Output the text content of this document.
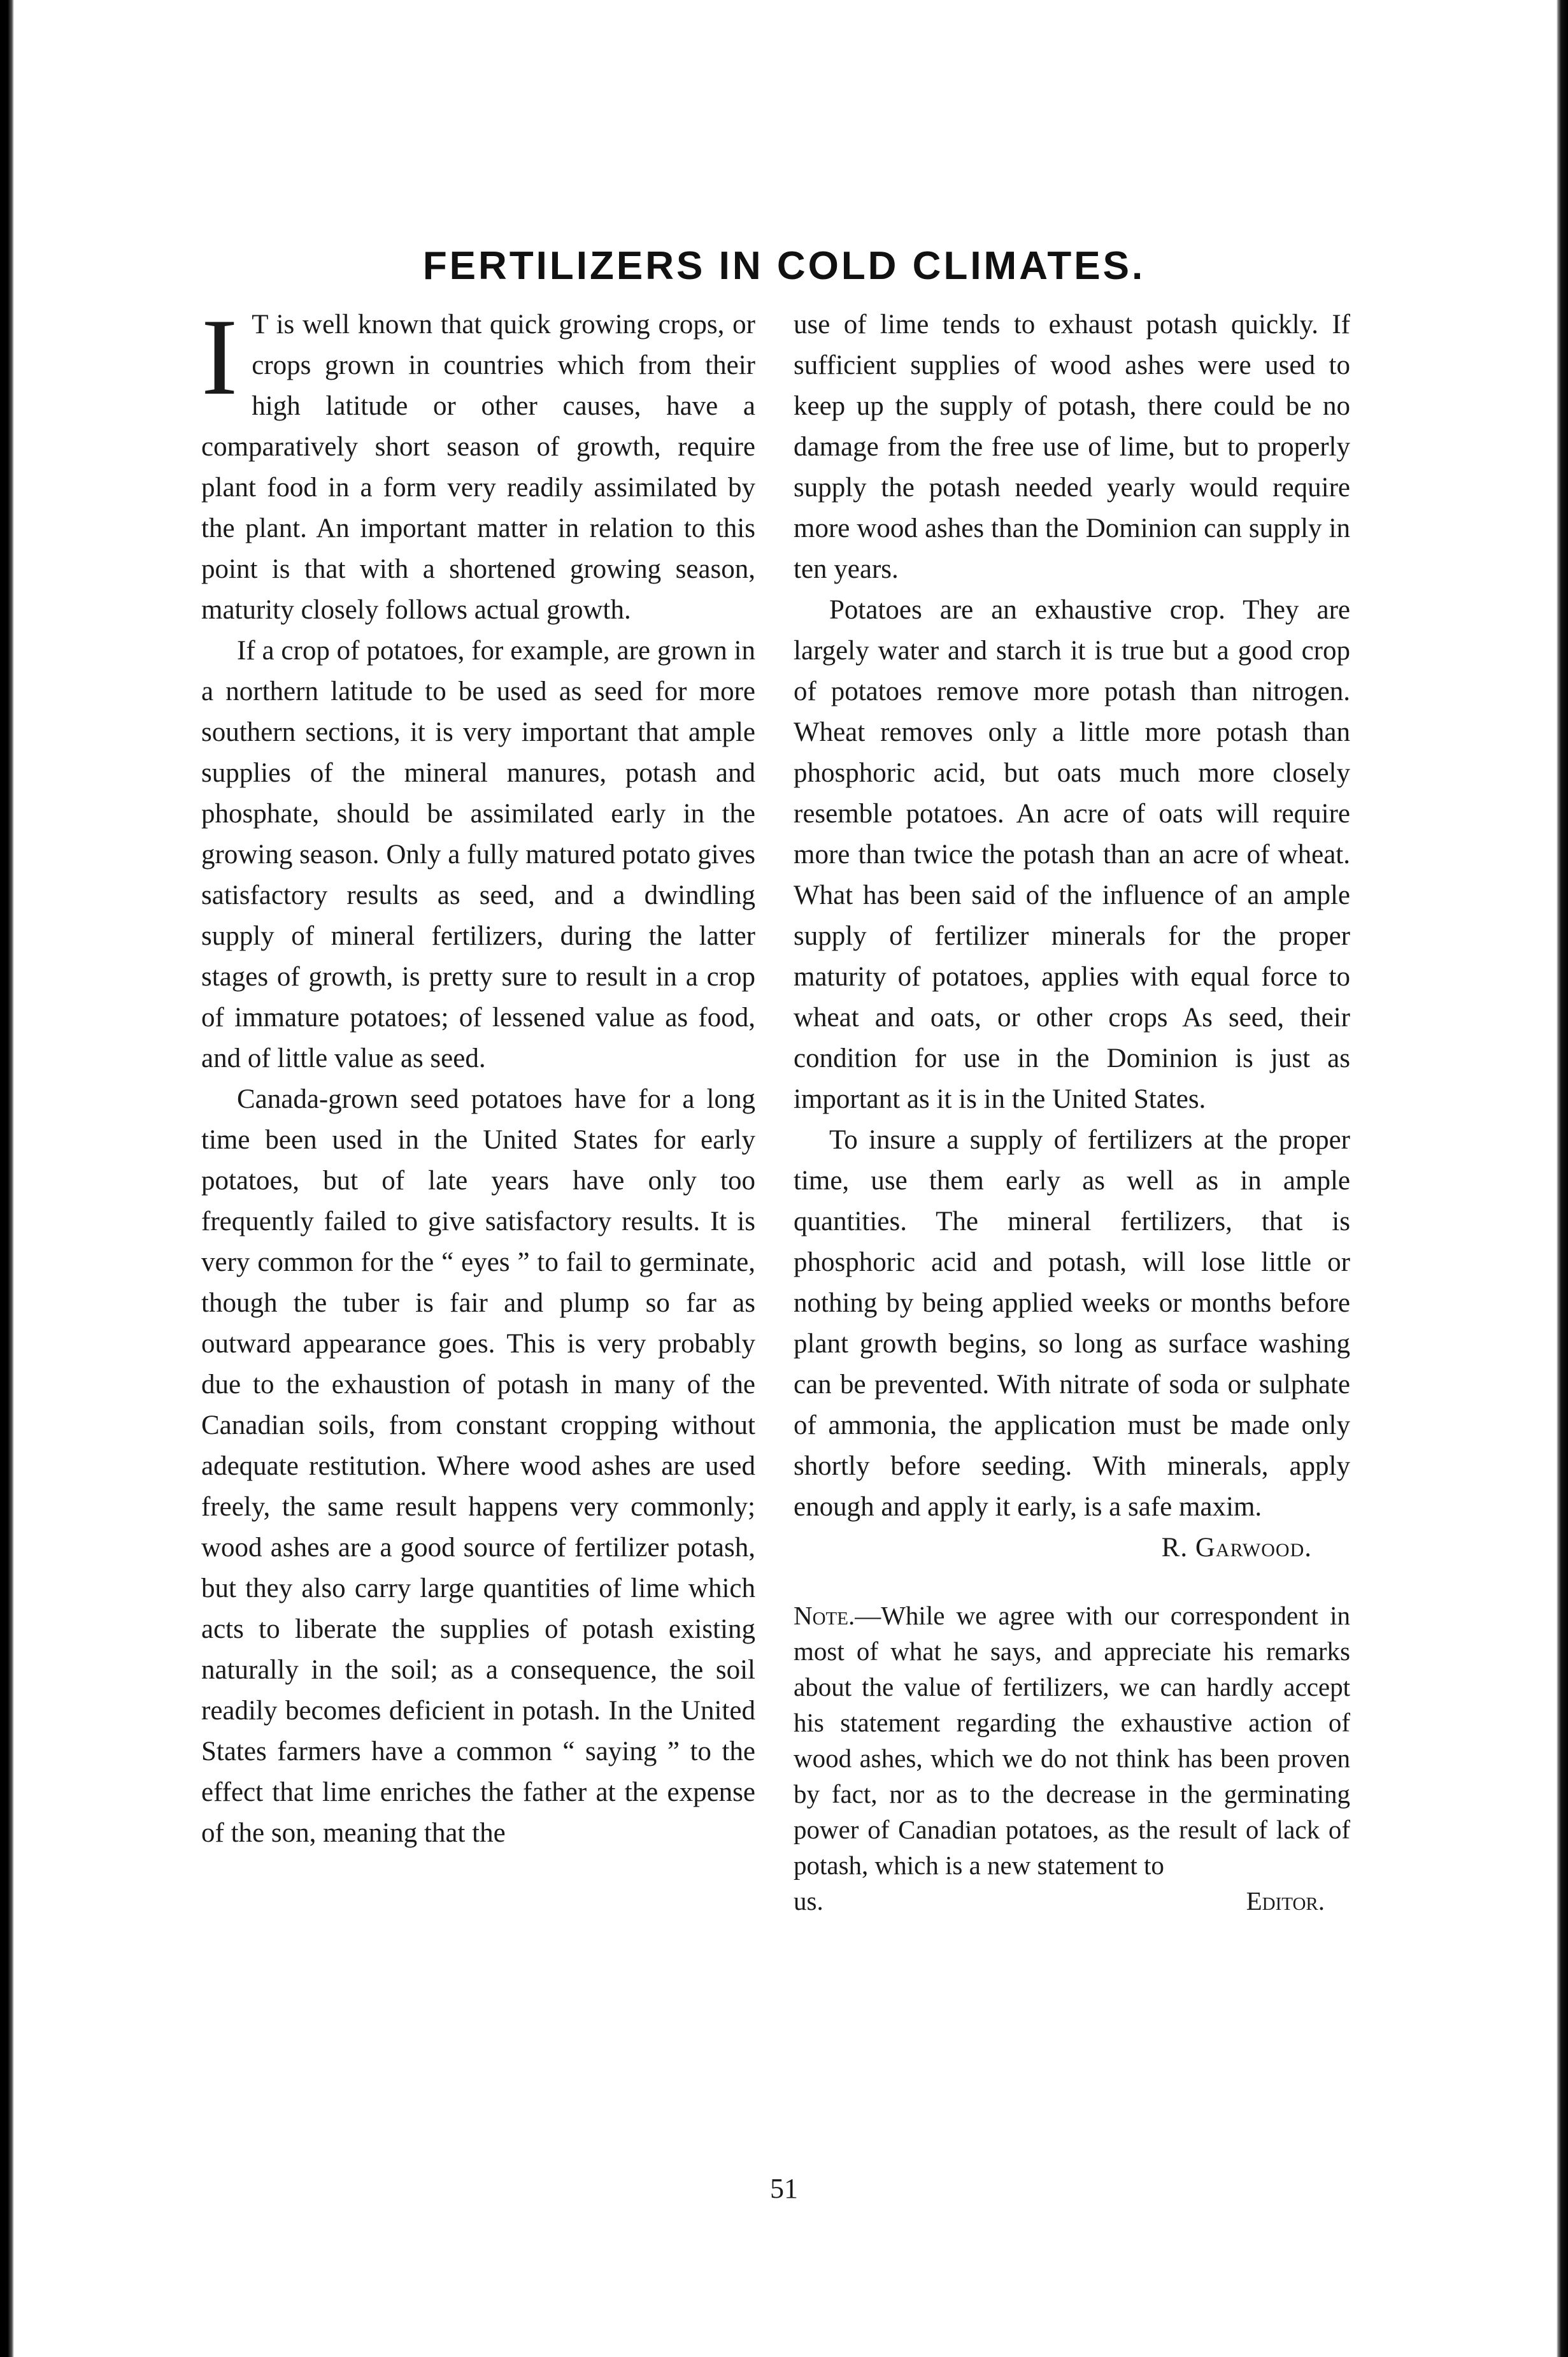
FERTILIZERS IN COLD CLIMATES.

I T is well known that quick growing crops, or crops grown in countries which from their high latitude or other causes, have a comparatively short season of growth, require plant food in a form very readily assimilated by the plant. An important matter in relation to this point is that with a shortened growing season, maturity closely follows actual growth.

If a crop of potatoes, for example, are grown in a northern latitude to be used as seed for more southern sections, it is very important that ample supplies of the mineral manures, potash and phosphate, should be assimilated early in the growing season. Only a fully matured potato gives satisfactory results as seed, and a dwindling supply of mineral fertilizers, during the latter stages of growth, is pretty sure to result in a crop of immature potatoes; of lessened value as food, and of little value as seed.

Canada-grown seed potatoes have for a long time been used in the United States for early potatoes, but of late years have only too frequently failed to give satisfactory results. It is very common for the “ eyes ” to fail to germinate, though the tuber is fair and plump so far as outward appearance goes. This is very probably due to the exhaustion of potash in many of the Canadian soils, from constant cropping without adequate restitution. Where wood ashes are used freely, the same result happens very commonly; wood ashes are a good source of fertilizer potash, but they also carry large quantities of lime which acts to liberate the supplies of potash existing naturally in the soil; as a consequence, the soil readily becomes deficient in potash. In the United States farmers have a common “ saying ” to the effect that lime enriches the father at the expense of the son, meaning that the

use of lime tends to exhaust potash quickly. If sufficient supplies of wood ashes were used to keep up the supply of potash, there could be no damage from the free use of lime, but to properly supply the potash needed yearly would require more wood ashes than the Dominion can supply in ten years.

Potatoes are an exhaustive crop. They are largely water and starch it is true but a good crop of potatoes remove more potash than nitrogen. Wheat removes only a little more potash than phosphoric acid, but oats much more closely resemble potatoes. An acre of oats will require more than twice the potash than an acre of wheat. What has been said of the influence of an ample supply of fertilizer minerals for the proper maturity of potatoes, applies with equal force to wheat and oats, or other crops As seed, their condition for use in the Dominion is just as important as it is in the United States.

To insure a supply of fertilizers at the proper time, use them early as well as in ample quantities. The mineral fertilizers, that is phosphoric acid and potash, will lose little or nothing by being applied weeks or months before plant growth begins, so long as surface washing can be prevented. With nitrate of soda or sulphate of ammonia, the application must be made only shortly before seeding. With minerals, apply enough and apply it early, is a safe maxim.

R. Garwood.
Note.—While we agree with our correspondent in most of what he says, and appreciate his remarks about the value of fertilizers, we can hardly accept his statement regarding the exhaustive action of wood ashes, which we do not think has been proven by fact, nor as to the decrease in the germinating power of Canadian potatoes, as the result of lack of potash, which is a new statement to
us.	Editor.
51
